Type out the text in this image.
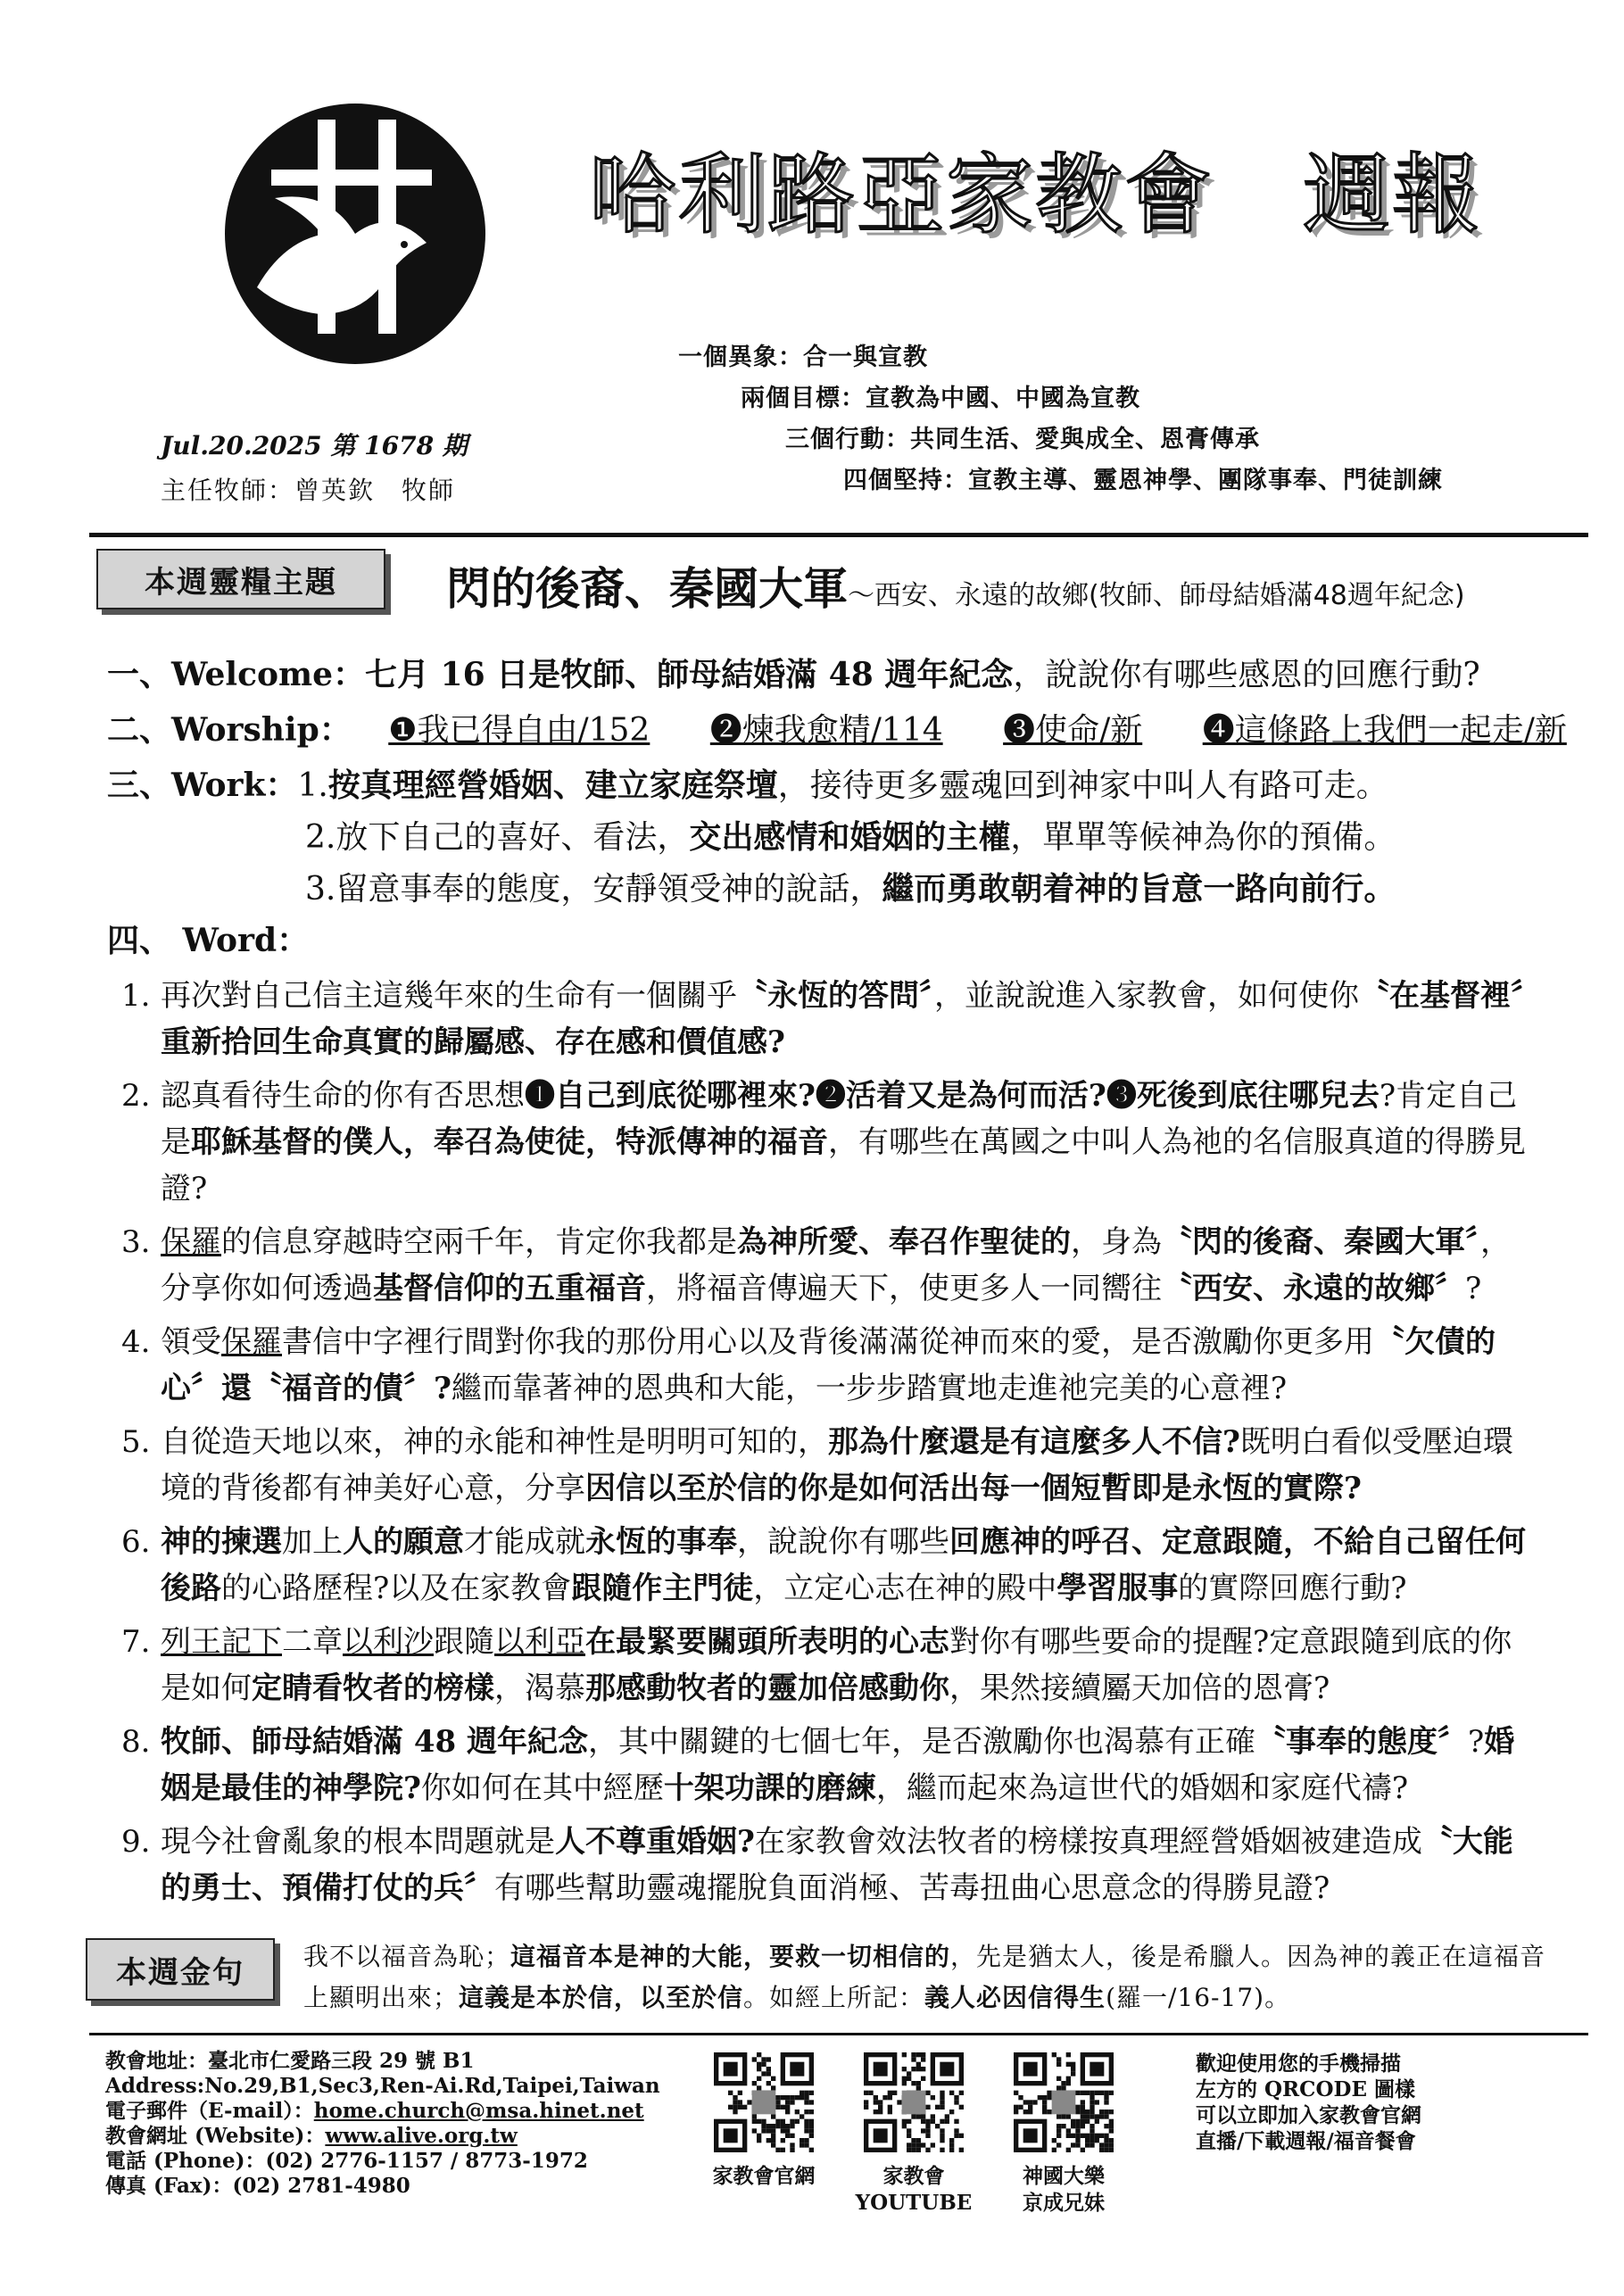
哈利路亞家教會　週報
一個異象：合一與宣教
兩個目標：宣教為中國、中國為宣教
三個行動：共同生活、愛與成全、恩膏傳承
四個堅持：宣教主導、靈恩神學、團隊事奉、門徒訓練
Jul.20.2025 第 1678 期
主任牧師：曾英欽　牧師
本週靈糧主題	閃的後裔、秦國大軍～西安、永遠的故鄉(牧師、師母結婚滿48週年紀念)
一、Welcome：七月 16 日是牧師、師母結婚滿 48 週年紀念，說說你有哪些感恩的回應行動?
二、Worship： ❶我已得自由/152 ❷煉我愈精/114 ❸使命/新 ❹這條路上我們一起走/新
三、Work：1.按真理經營婚姻、建立家庭祭壇，接待更多靈魂回到神家中叫人有路可走。
2.放下自己的喜好、看法，交出感情和婚姻的主權，單單等候神為你的預備。
3.留意事奉的態度，安靜領受神的說話，繼而勇敢朝着神的旨意一路向前行。
四、 Word：
1. 再次對自己信主這幾年來的生命有一個關乎〝永恆的答問〞，並說說進入家教會，如何使你〝在基督裡〞重新拾回生命真實的歸屬感、存在感和價值感?
2. 認真看待生命的你有否思想❶自己到底從哪裡來?❷活着又是為何而活?❸死後到底往哪兒去?肯定自己是耶穌基督的僕人，奉召為使徒，特派傳神的福音，有哪些在萬國之中叫人為祂的名信服真道的得勝見證?
3. 保羅的信息穿越時空兩千年，肯定你我都是為神所愛、奉召作聖徒的，身為〝閃的後裔、秦國大軍〞，分享你如何透過基督信仰的五重福音，將福音傳遍天下，使更多人一同嚮往〝西安、永遠的故鄉〞?
4. 領受保羅書信中字裡行間對你我的那份用心以及背後滿滿從神而來的愛，是否激勵你更多用〝欠債的心〞還〝福音的債〞?繼而靠著神的恩典和大能，一步步踏實地走進祂完美的心意裡?
5. 自從造天地以來，神的永能和神性是明明可知的，那為什麼還是有這麼多人不信?既明白看似受壓迫環境的背後都有神美好心意，分享因信以至於信的你是如何活出每一個短暫即是永恆的實際?
6. 神的揀選加上人的願意才能成就永恆的事奉，說說你有哪些回應神的呼召、定意跟隨，不給自己留任何後路的心路歷程?以及在家教會跟隨作主門徒，立定心志在神的殿中學習服事的實際回應行動?
7. 列王記下二章以利沙跟隨以利亞在最緊要關頭所表明的心志對你有哪些要命的提醒?定意跟隨到底的你是如何定睛看牧者的榜樣，渴慕那感動牧者的靈加倍感動你，果然接續屬天加倍的恩膏?
8. 牧師、師母結婚滿 48 週年紀念，其中關鍵的七個七年，是否激勵你也渴慕有正確〝事奉的態度〞?婚姻是最佳的神學院?你如何在其中經歷十架功課的磨練，繼而起來為這世代的婚姻和家庭代禱?
9. 現今社會亂象的根本問題就是人不尊重婚姻?在家教會效法牧者的榜樣按真理經營婚姻被建造成〝大能的勇士、預備打仗的兵〞有哪些幫助靈魂擺脫負面消極、苦毒扭曲心思意念的得勝見證?
本週金句	我不以福音為恥；這福音本是神的大能，要救一切相信的，先是猶太人，後是希臘人。因為神的義正在這福音上顯明出來；這義是本於信，以至於信。如經上所記：義人必因信得生(羅一/16-17)。
教會地址：臺北市仁愛路三段 29 號 B1
Address:No.29,B1,Sec3,Ren-Ai.Rd,Taipei,Taiwan
電子郵件（E-mail）：home.church@msa.hinet.net
教會網址 (Website)：www.alive.org.tw
電話 (Phone)：(02) 2776-1157 / 8773-1972
傳真 (Fax)：(02) 2781-4980	家教會官網	家教會
YOUTUBE
神國大樂
京成兄妹
歡迎使用您的手機掃描
左方的 QRCODE 圖樣
可以立即加入家教會官網
直播/下載週報/福音餐會
